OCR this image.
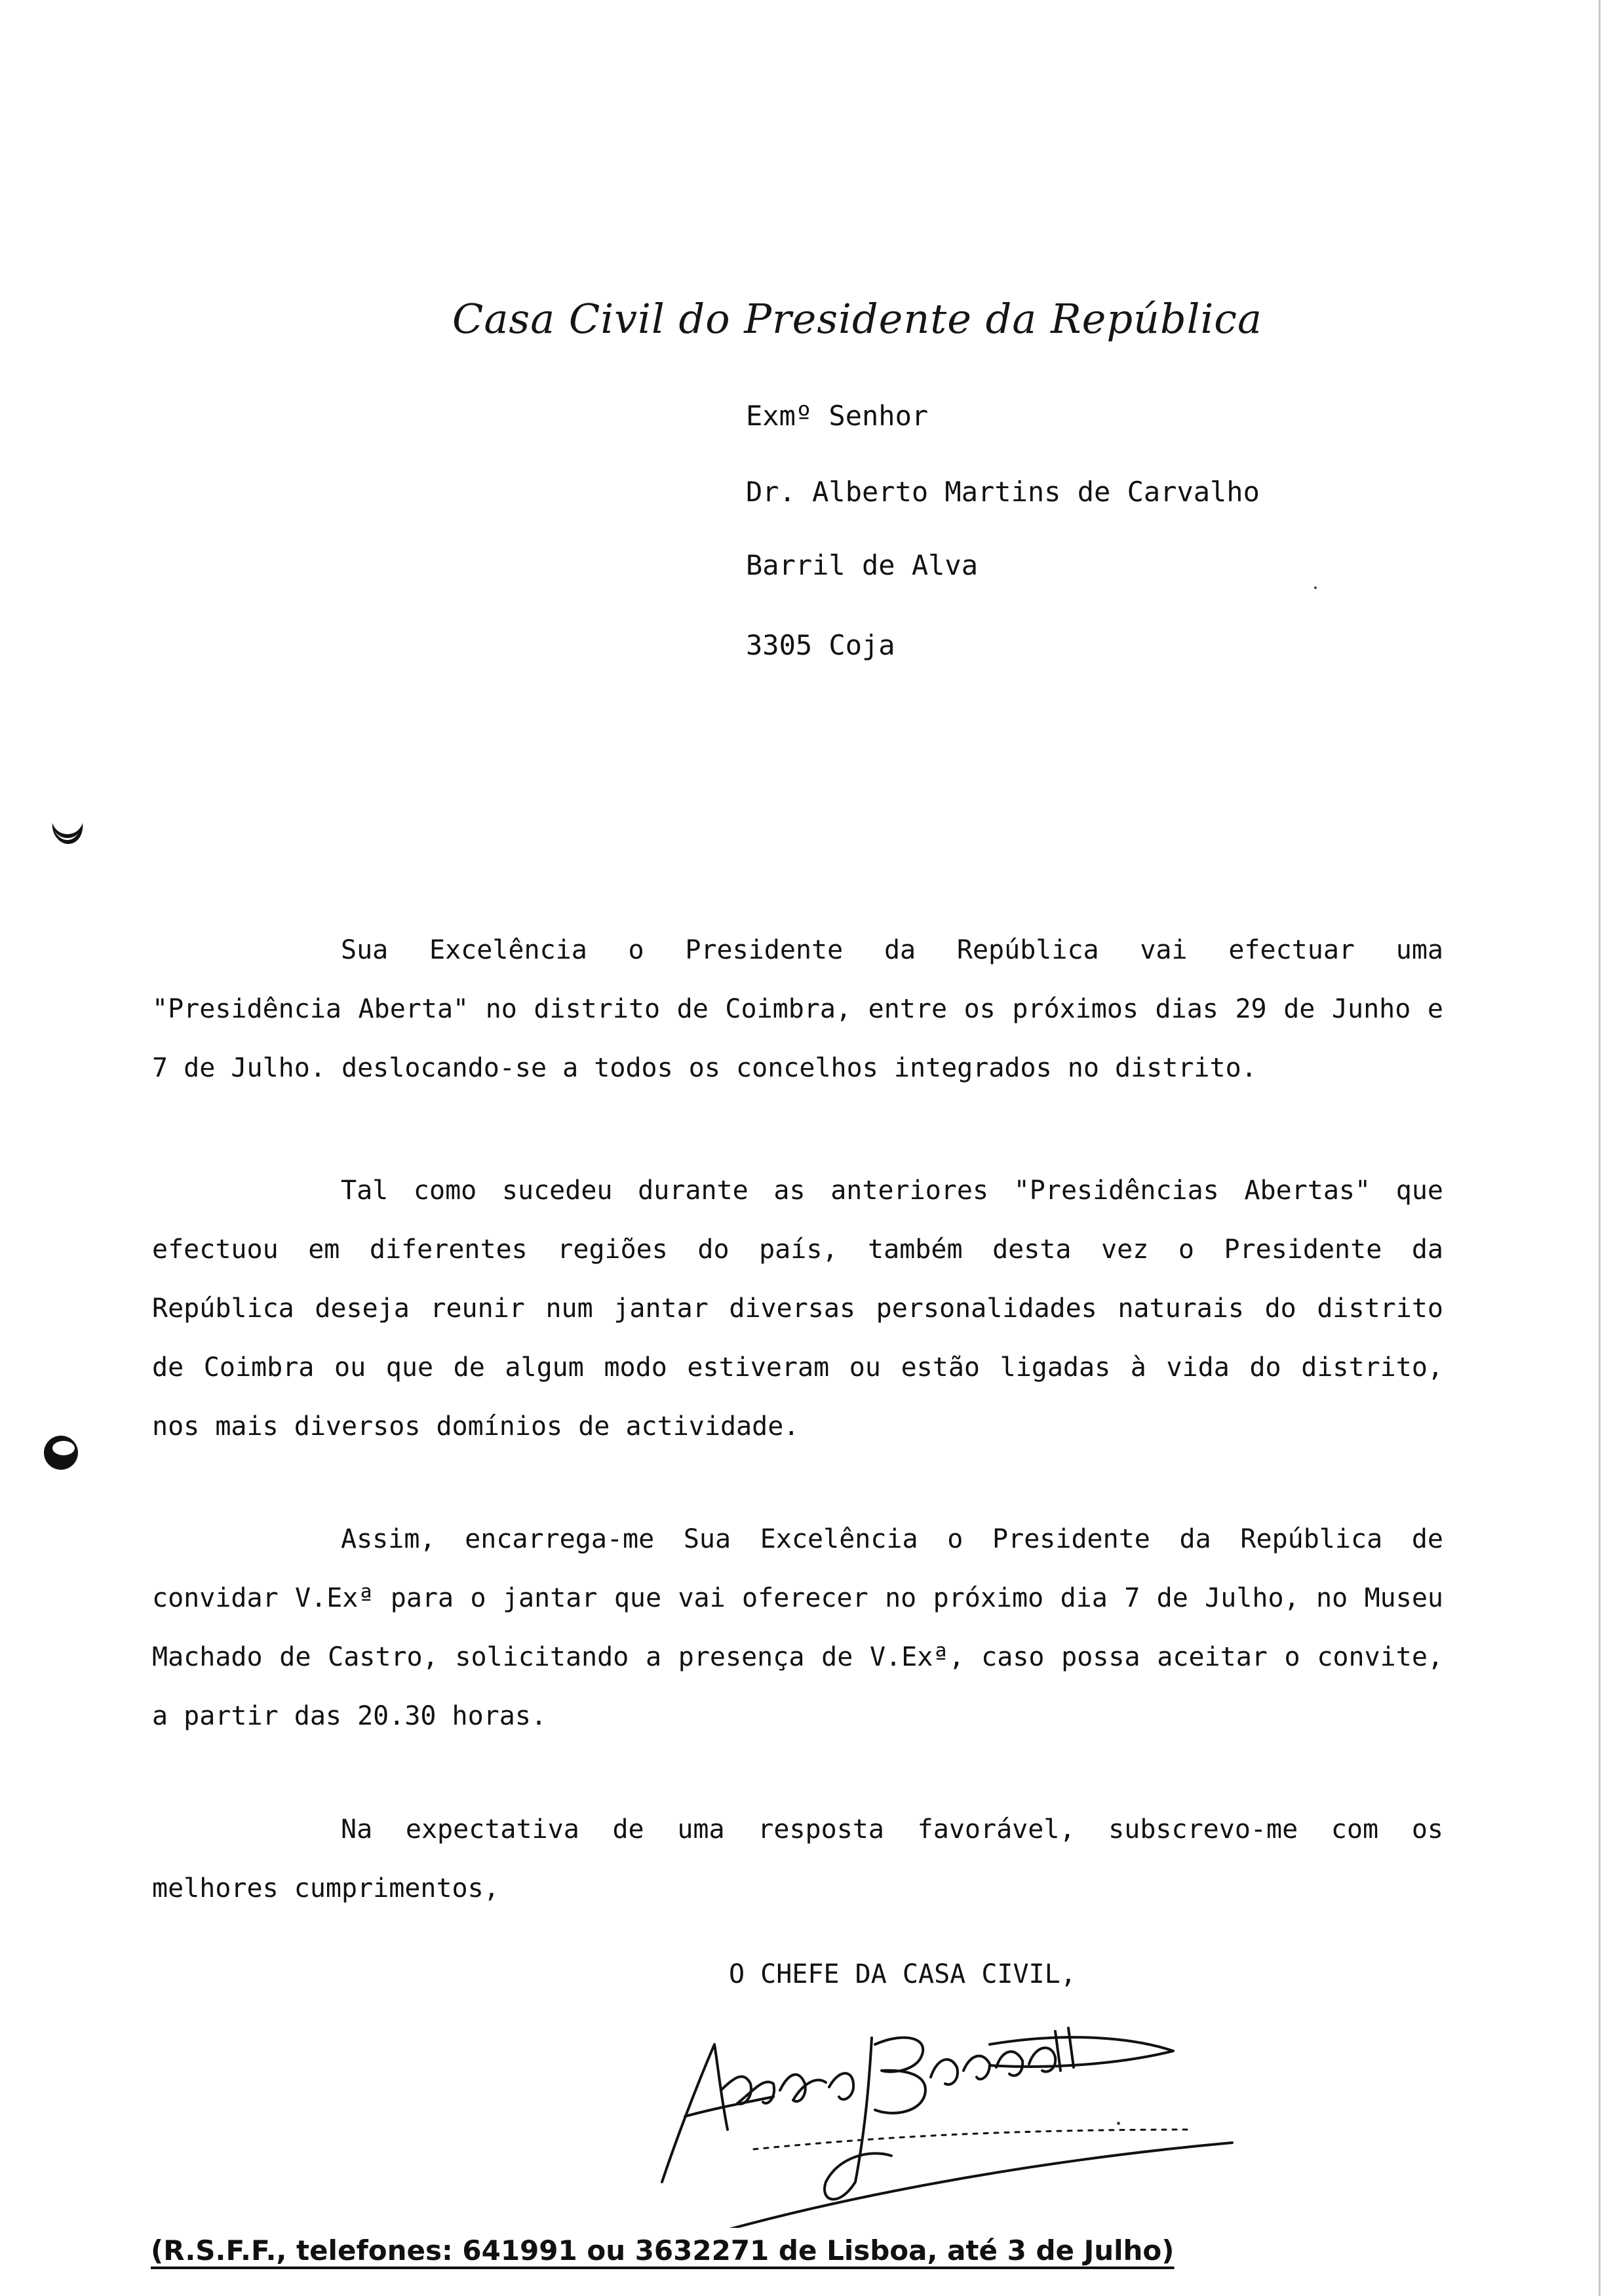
Casa Civil do Presidente da República
Exmº Senhor
Dr. Alberto Martins de Carvalho
Barril de Alva
3305 Coja

Sua Excelência o Presidente da República vai efectuar uma "Presidência Aberta" no distrito de Coimbra, entre os próximos dias 29 de Junho e 7 de Julho. deslocando-se a todos os concelhos integrados no distrito.

Tal como sucedeu durante as anteriores "Presidências Abertas" que efectuou em diferentes regiões do país, também desta vez o Presidente da República deseja reunir num jantar diversas personalidades naturais do distrito de Coimbra ou que de algum modo estiveram ou estão ligadas à vida do distrito, nos mais diversos domínios de actividade.

Assim, encarrega-me Sua Excelência o Presidente da República de convidar V.Exª para o jantar que vai oferecer no próximo dia 7 de Julho, no Museu Machado de Castro, solicitando a presença de V.Exª, caso possa aceitar o convite, a partir das 20.30 horas.

Na expectativa de uma resposta favorável, subscrevo-me com os melhores cumprimentos,

O CHEFE DA CASA CIVIL,
(R.S.F.F., telefones: 641991 ou 3632271 de Lisboa, até 3 de Julho)
